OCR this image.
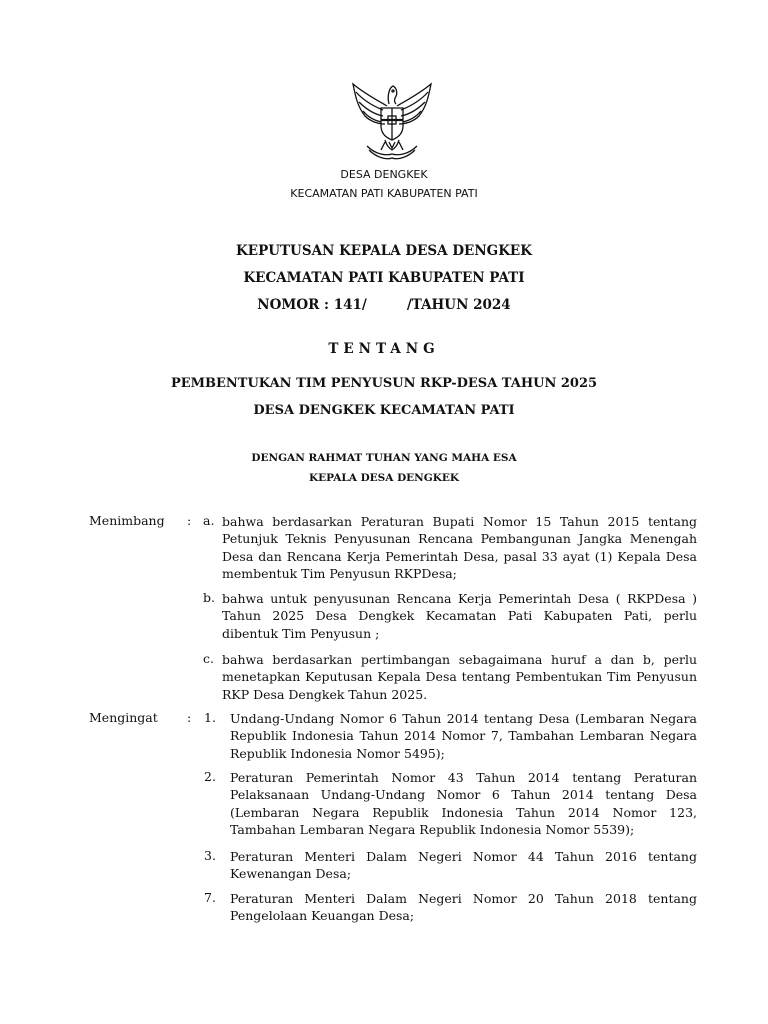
DESA DENGKEK
KECAMATAN PATI KABUPATEN PATI
KEPUTUSAN KEPALA DESA DENGKEK
KECAMATAN PATI KABUPATEN PATI
NOMOR : 141/	/TAHUN 2024
TENTANG
PEMBENTUKAN TIM PENYUSUN RKP-DESA TAHUN 2025
DESA DENGKEK KECAMATAN PATI
DENGAN RAHMAT TUHAN YANG MAHA ESA
KEPALA DESA DENGKEK
Menimbang : a. bahwa berdasarkan Peraturan Bupati Nomor 15 Tahun 2015 tentang Petunjuk Teknis Penyusunan Rencana Pembangunan Jangka Menengah Desa dan Rencana Kerja Pemerintah Desa, pasal 33 ayat (1) Kepala Desa membentuk Tim Penyusun RKPDesa;
b. bahwa untuk penyusunan Rencana Kerja Pemerintah Desa ( RKPDesa ) Tahun 2025 Desa Dengkek Kecamatan Pati Kabupaten Pati, perlu dibentuk Tim Penyusun ;
c. bahwa berdasarkan pertimbangan sebagaimana huruf a dan b, perlu menetapkan Keputusan Kepala Desa tentang Pembentukan Tim Penyusun RKP Desa Dengkek Tahun 2025.
Mengingat : 1. Undang-Undang Nomor 6 Tahun 2014 tentang Desa (Lembaran Negara Republik Indonesia Tahun 2014 Nomor 7, Tambahan Lembaran Negara Republik Indonesia Nomor 5495);
2. Peraturan Pemerintah Nomor 43 Tahun 2014 tentang Peraturan Pelaksanaan Undang-Undang Nomor 6 Tahun 2014 tentang Desa (Lembaran Negara Republik Indonesia Tahun 2014 Nomor 123, Tambahan Lembaran Negara Republik Indonesia Nomor 5539);
3. Peraturan Menteri Dalam Negeri Nomor 44 Tahun 2016 tentang Kewenangan Desa;
7. Peraturan Menteri Dalam Negeri Nomor 20 Tahun 2018 tentang Pengelolaan Keuangan Desa;
